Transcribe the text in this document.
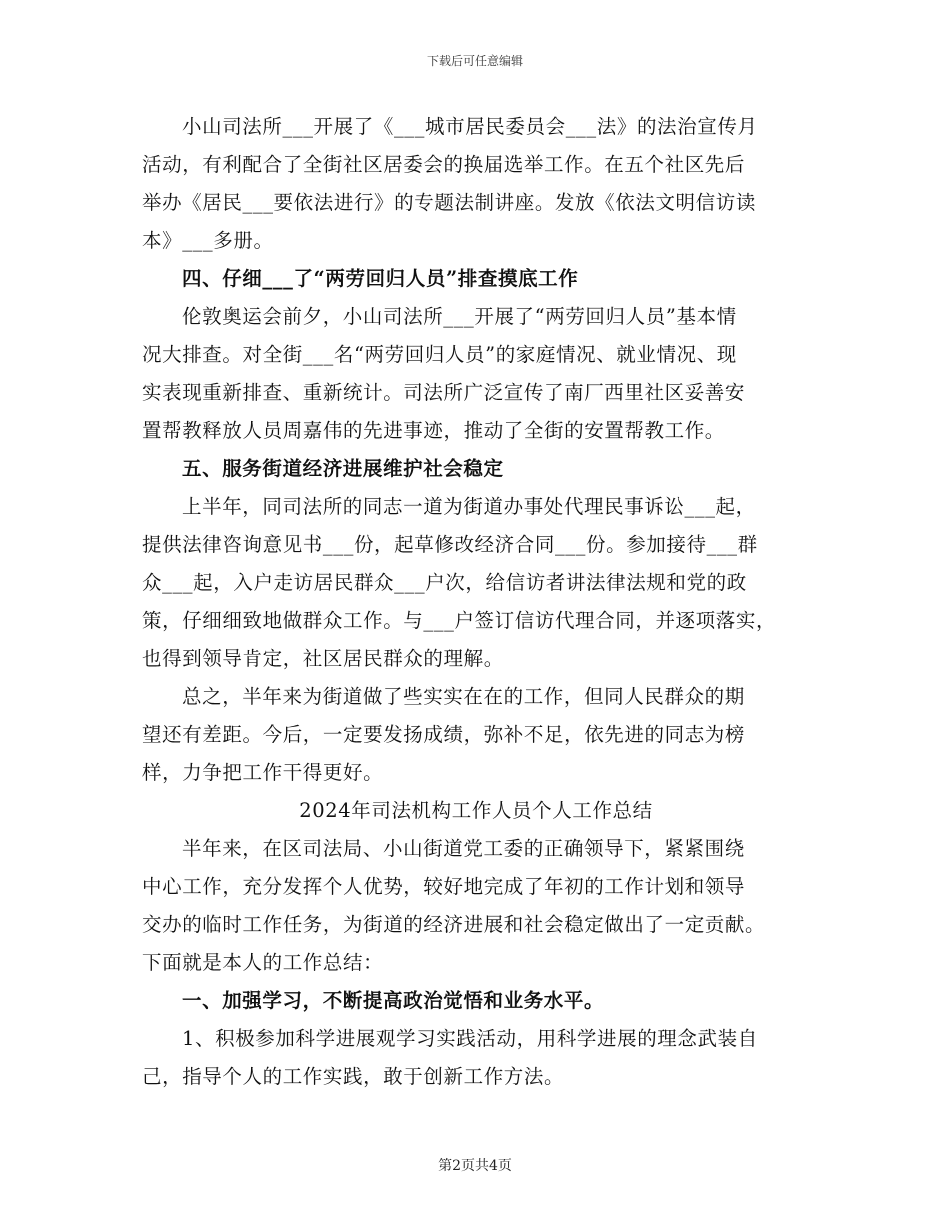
下载后可任意编辑
小山司法所___开展了《___城市居民委员会___法》的法治宣传月
活动，有利配合了全街社区居委会的换届选举工作。在五个社区先后
举办《居民___要依法进行》的专题法制讲座。发放《依法文明信访读
本》___多册。
四、仔细___了“两劳回归人员”排查摸底工作
伦敦奥运会前夕，小山司法所___开展了“两劳回归人员”基本情
况大排查。对全街___名“两劳回归人员”的家庭情况、就业情况、现
实表现重新排查、重新统计。司法所广泛宣传了南厂西里社区妥善安
置帮教释放人员周嘉伟的先进事迹，推动了全街的安置帮教工作。
五、服务街道经济进展维护社会稳定
上半年，同司法所的同志一道为街道办事处代理民事诉讼___起，
提供法律咨询意见书___份，起草修改经济合同___份。参加接待___群
众___起，入户走访居民群众___户次，给信访者讲法律法规和党的政
策，仔细细致地做群众工作。与___户签订信访代理合同，并逐项落实，
也得到领导肯定，社区居民群众的理解。
总之，半年来为街道做了些实实在在的工作，但同人民群众的期
望还有差距。今后，一定要发扬成绩，弥补不足，依先进的同志为榜
样，力争把工作干得更好。
2024年司法机构工作人员个人工作总结
半年来，在区司法局、小山街道党工委的正确领导下，紧紧围绕
中心工作，充分发挥个人优势，较好地完成了年初的工作计划和领导
交办的临时工作任务，为街道的经济进展和社会稳定做出了一定贡献。
下面就是本人的工作总结：
一、加强学习，不断提高政治觉悟和业务水平。
1、积极参加科学进展观学习实践活动，用科学进展的理念武装自
己，指导个人的工作实践，敢于创新工作方法。
第2页共4页
